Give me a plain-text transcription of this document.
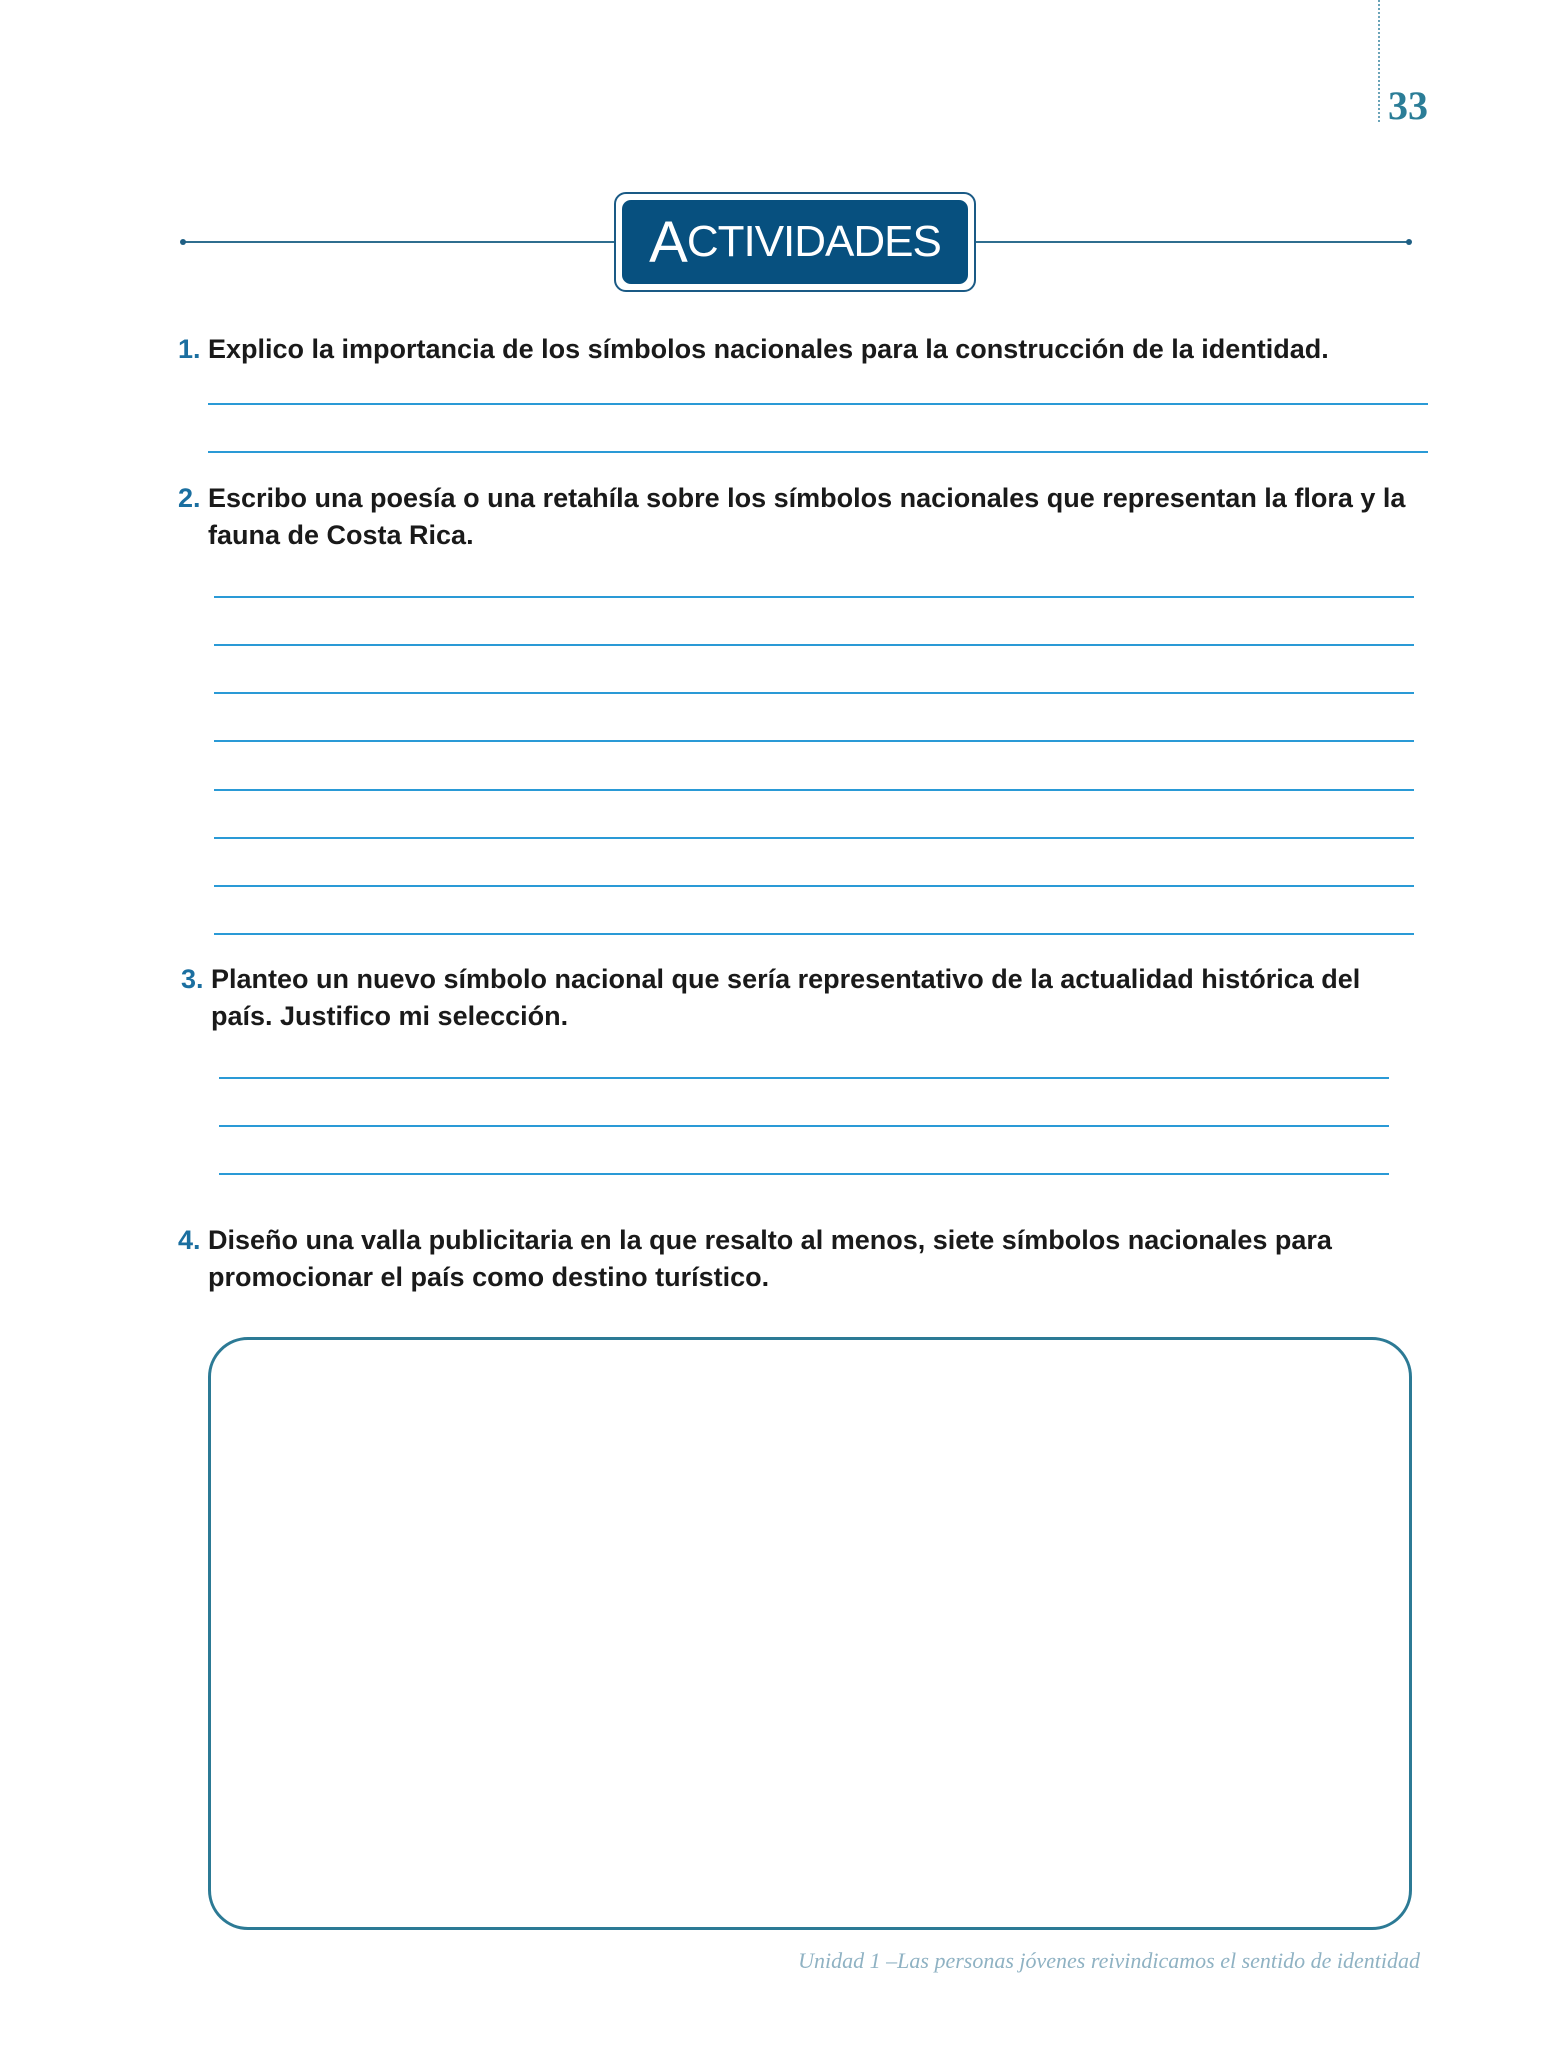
33
A CTIVIDADES
1. Explico la importancia de los símbolos nacionales para la construcción de la identidad.
2. Escribo una poesía o una retahíla sobre los símbolos nacionales que representan la flora y la fauna de Costa Rica.
3. Planteo un nuevo símbolo nacional que sería representativo de la actualidad histórica del país. Justifico mi selección.
4. Diseño una valla publicitaria en la que resalto al menos, siete símbolos nacionales para promocionar el país como destino turístico.
Unidad 1 –Las personas jóvenes reivindicamos el sentido de identidad
